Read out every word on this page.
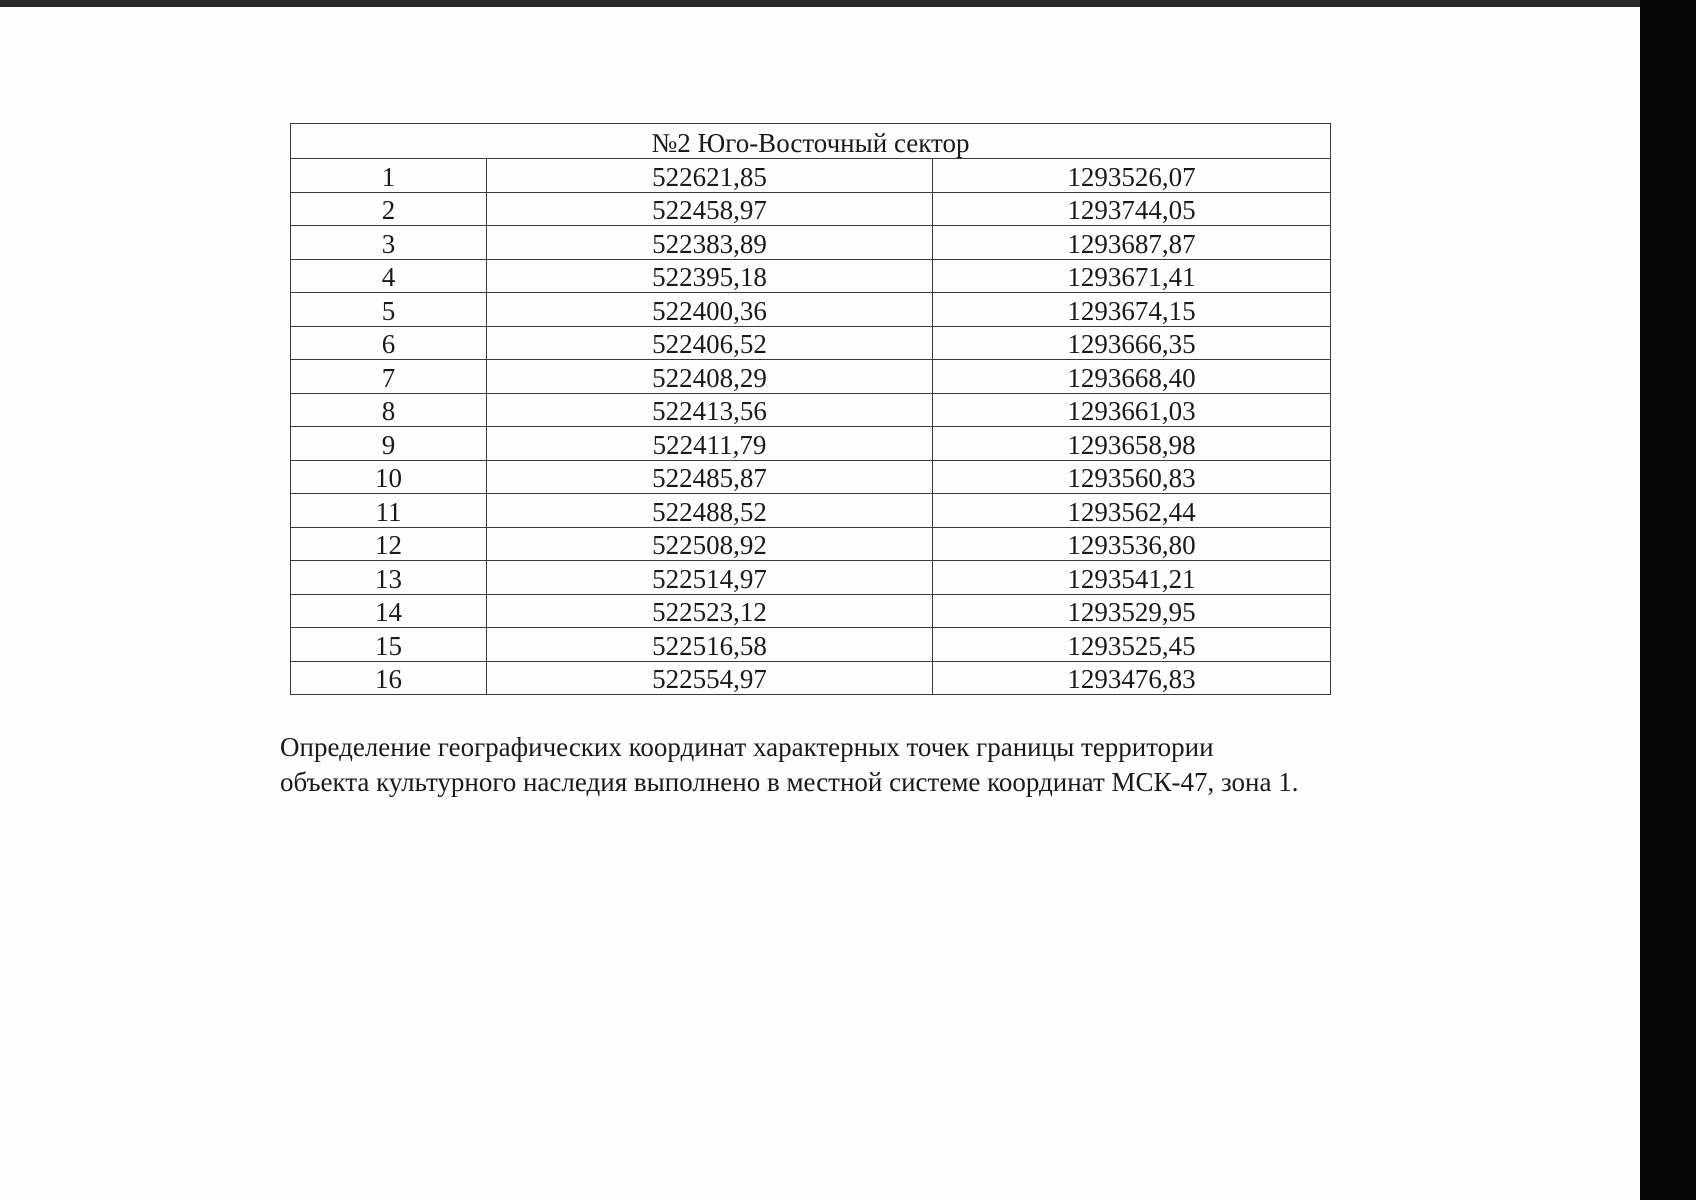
№2 Юго-Восточный сектор		
1	522621,85	1293526,07
2	522458,97	1293744,05
3	522383,89	1293687,87
4	522395,18	1293671,41
5	522400,36	1293674,15
6	522406,52	1293666,35
7	522408,29	1293668,40
8	522413,56	1293661,03
9	522411,79	1293658,98
10	522485,87	1293560,83
11	522488,52	1293562,44
12	522508,92	1293536,80
13	522514,97	1293541,21
14	522523,12	1293529,95
15	522516,58	1293525,45
16	522554,97	1293476,83

Определение географических координат характерных точек границы территории
объекта культурного наследия выполнено в местной системе координат МСК-47, зона 1.
